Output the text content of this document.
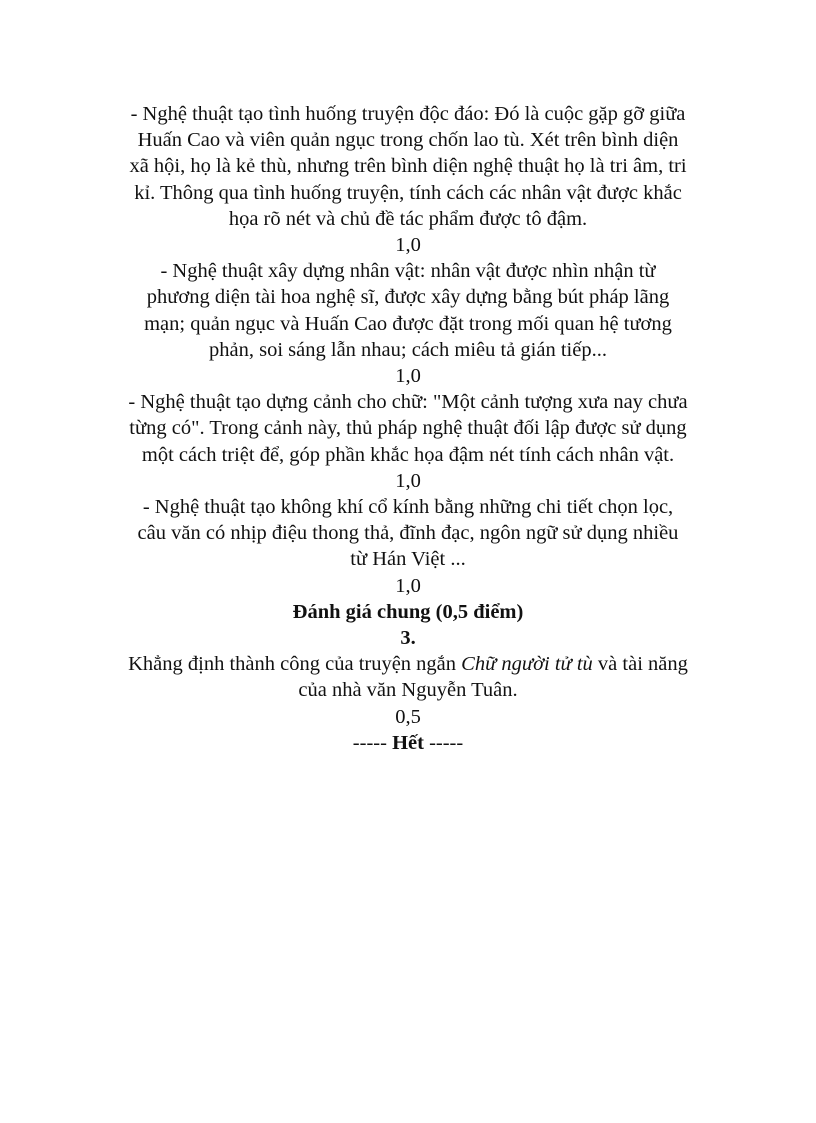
- Nghệ thuật tạo tình huống truyện độc đáo: Đó là cuộc gặp gỡ giữa Huấn Cao và viên quản ngục trong chốn lao tù. Xét trên bình diện xã hội, họ là kẻ thù, nhưng trên bình diện nghệ thuật họ là tri âm, tri kỉ. Thông qua tình huống truyện, tính cách các nhân vật được khắc họa rõ nét và chủ đề tác phẩm được tô đậm.

1,0

- Nghệ thuật xây dựng nhân vật: nhân vật được nhìn nhận từ phương diện tài hoa nghệ sĩ, được xây dựng bằng bút pháp lãng mạn; quản ngục và Huấn Cao được đặt trong mối quan hệ tương phản, soi sáng lẫn nhau; cách miêu tả gián tiếp...

1,0

- Nghệ thuật tạo dựng cảnh cho chữ: "Một cảnh tượng xưa nay chưa từng có". Trong cảnh này, thủ pháp nghệ thuật đối lập được sử dụng một cách triệt để, góp phần khắc họa đậm nét tính cách nhân vật.

1,0

- Nghệ thuật tạo không khí cổ kính bằng những chi tiết chọn lọc, câu văn có nhịp điệu thong thả, đĩnh đạc, ngôn ngữ sử dụng nhiều từ Hán Việt ...

1,0

Đánh giá chung (0,5 điểm)

3.

Khẳng định thành công của truyện ngắn Chữ người tử tù và tài năng của nhà văn Nguyễn Tuân.

0,5

----- Hết -----
